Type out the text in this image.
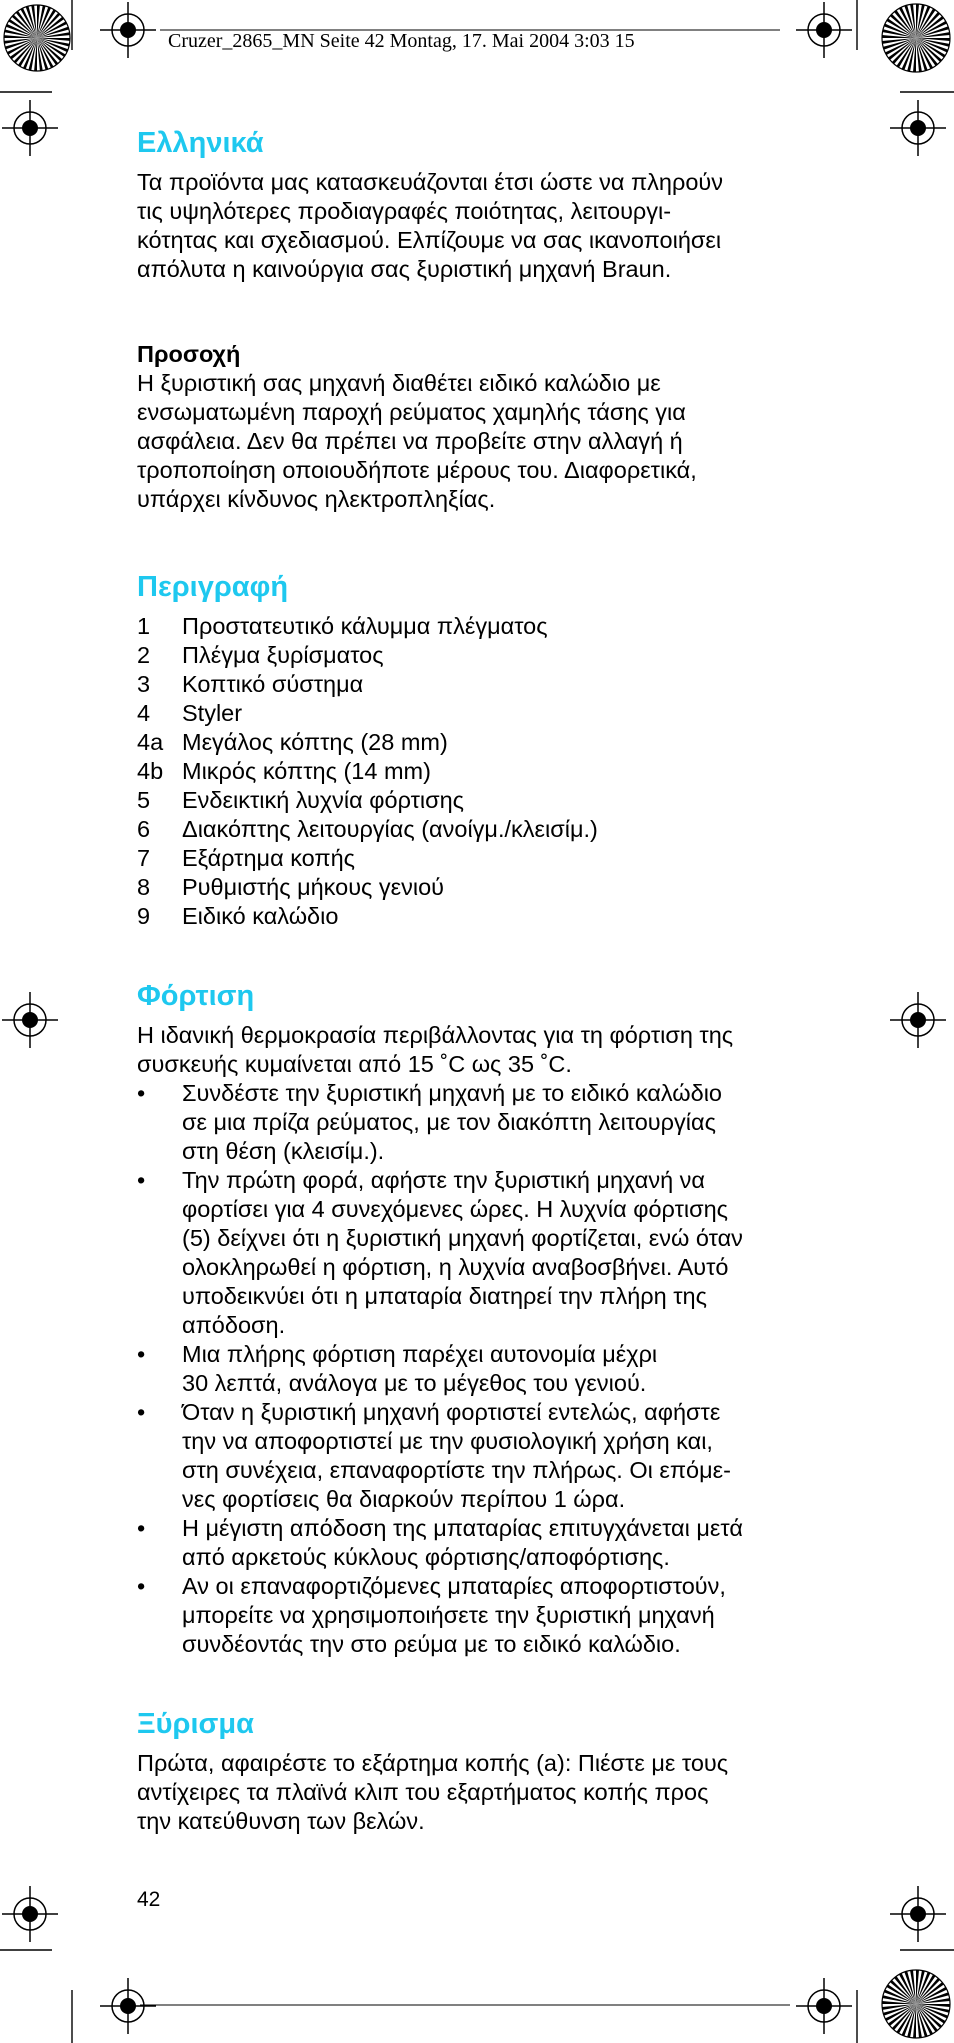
Cruzer_2865_MN Seite 42 Montag, 17. Mai 2004 3:03 15
Ελληνικά

Τα προϊόντα μας κατασκευάζονται έτσι ώστε να πληρούν
τις υψηλότερες προδιαγραφές ποιότητας, λειτουργι-
κότητας και σχεδιασμού. Ελπίζουμε να σας ικανοποιήσει
απόλυτα η καινούργια σας ξυριστική μηχανή Braun.

Προσοχή

Η ξυριστική σας μηχανή διαθέτει ειδικό καλώδιο με
ενσωματωμένη παροχή ρεύματος χαμηλής τάσης για
ασφάλεια. Δεν θα πρέπει να προβείτε στην αλλαγή ή
τροποποίηση οποιουδήποτε μέρους του. Διαφορετικά,
υπάρχει κίνδυνος ηλεκτροπληξίας.

Περιγραφή
1	Προστατευτικό κάλυμμα πλέγματος
2	Πλέγμα ξυρίσματος
3	Κοπτικό σύστημα
4	Styler
4a Μεγάλος κόπτης (28 mm)
4b Μικρός κόπτης (14 mm)
5	Ενδεικτική λυχνία φόρτισης
6	Διακόπτης λειτουργίας (ανοίγμ./κλεισίμ.)
7	Εξάρτημα κοπής
8	Ρυθμιστής μήκους γενιού
9	Ειδικό καλώδιο
Φόρτιση

Η ιδανική θερμοκρασία περιβάλλοντας για τη φόρτιση της
συσκευής κυμαίνεται από 15 ˚C ως 35 ˚C.

•	Συνδέστε την ξυριστική μηχανή με το ειδικό καλώδιο
σε μια πρίζα ρεύματος, με τον διακόπτη λειτουργίας
στη θέση (κλεισίμ.).
•	Την πρώτη φορά, αφήστε την ξυριστική μηχανή να
φορτίσει για 4 συνεχόμενες ώρες. Η λυχνία φόρτισης
(5) δείχνει ότι η ξυριστική μηχανή φορτίζεται, ενώ όταν
ολοκληρωθεί η φόρτιση, η λυχνία αναβοσβήνει. Αυτό
υποδεικνύει ότι η μπαταρία διατηρεί την πλήρη της
απόδοση.
•	Μια πλήρης φόρτιση παρέχει αυτονομία μέχρι
30 λεπτά, ανάλογα με το μέγεθος του γενιού.
•	Όταν η ξυριστική μηχανή φορτιστεί εντελώς, αφήστε
την να αποφορτιστεί με την φυσιολογική χρήση και,
στη συνέχεια, επαναφορτίστε την πλήρως. Οι επόμε-
νες φορτίσεις θα διαρκούν περίπου 1 ώρα.
•	Η μέγιστη απόδοση της μπαταρίας επιτυγχάνεται μετά
από αρκετούς κύκλους φόρτισης/αποφόρτισης.
•	Αν οι επαναφορτιζόμενες μπαταρίες αποφορτιστούν,
μπορείτε να χρησιμοποιήσετε την ξυριστική μηχανή
συνδέοντάς την στο ρεύμα με το ειδικό καλώδιο.
Ξύρισμα

Πρώτα, αφαιρέστε το εξάρτημα κοπής (a): Πιέστε με τους
αντίχειρες τα πλαϊνά κλιπ του εξαρτήματος κοπής προς
την κατεύθυνση των βελών.

42
